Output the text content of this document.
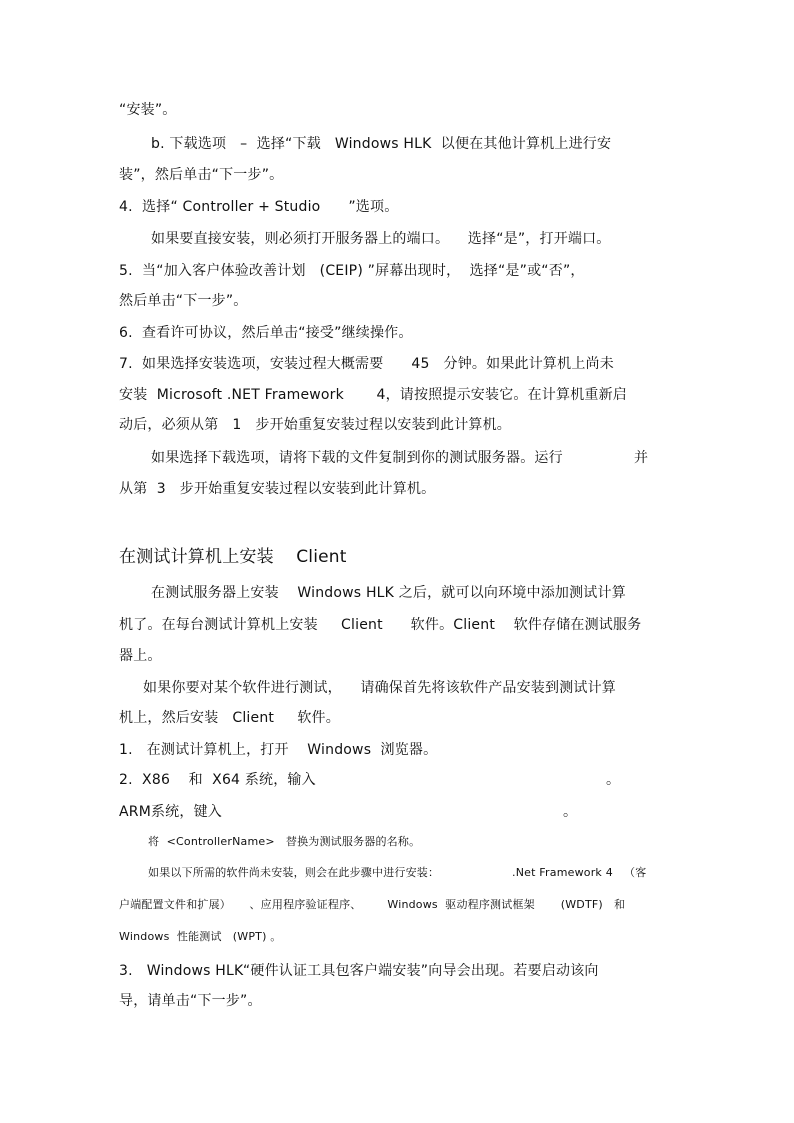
“安装”。
b. 下载选项   –  选择“下载   Windows HLK  以便在其他计算机上进行安
装”，然后单击“下一步”。
4.  选择“ Controller + Studio      ”选项。
如果要直接安装，则必须打开服务器上的端口。    选择“是”，打开端口。
5.  当“加入客户体验改善计划   (CEIP) ”屏幕出现时，  选择“是”或“否”，
然后单击“下一步”。
6.  查看许可协议，然后单击“接受”继续操作。
7.  如果选择安装选项，安装过程大概需要      45   分钟。如果此计算机上尚未
安装  Microsoft .NET Framework       4，请按照提示安装它。在计算机重新启
动后，必须从第   1   步开始重复安装过程以安装到此计算机。
如果选择下载选项，请将下载的文件复制到你的测试服务器。运行	并
从第  3   步开始重复安装过程以安装到此计算机。
在测试计算机上安装    Client
在测试服务器上安装    Windows HLK 之后，就可以向环境中添加测试计算
机了。在每台测试计算机上安装     Client      软件。Client    软件存储在测试服务
器上。
如果你要对某个软件进行测试，    请确保首先将该软件产品安装到测试计算
机上，然后安装   Client     软件。
1.   在测试计算机上，打开    Windows  浏览器。
2.  X86    和  X64 系统，输入	。
ARM系统，键入	。
将  <ControllerName>   替换为测试服务器的名称。
如果以下所需的软件尚未安装，则会在此步骤中进行安装：	.Net Framework 4 （客
户端配置文件和扩展）     、应用程序验证程序、       Windows  驱动程序测试框架       (WDTF)   和
Windows  性能测试   (WPT) 。
3.   Windows HLK“硬件认证工具包客户端安装”向导会出现。若要启动该向
导，请单击“下一步”。
